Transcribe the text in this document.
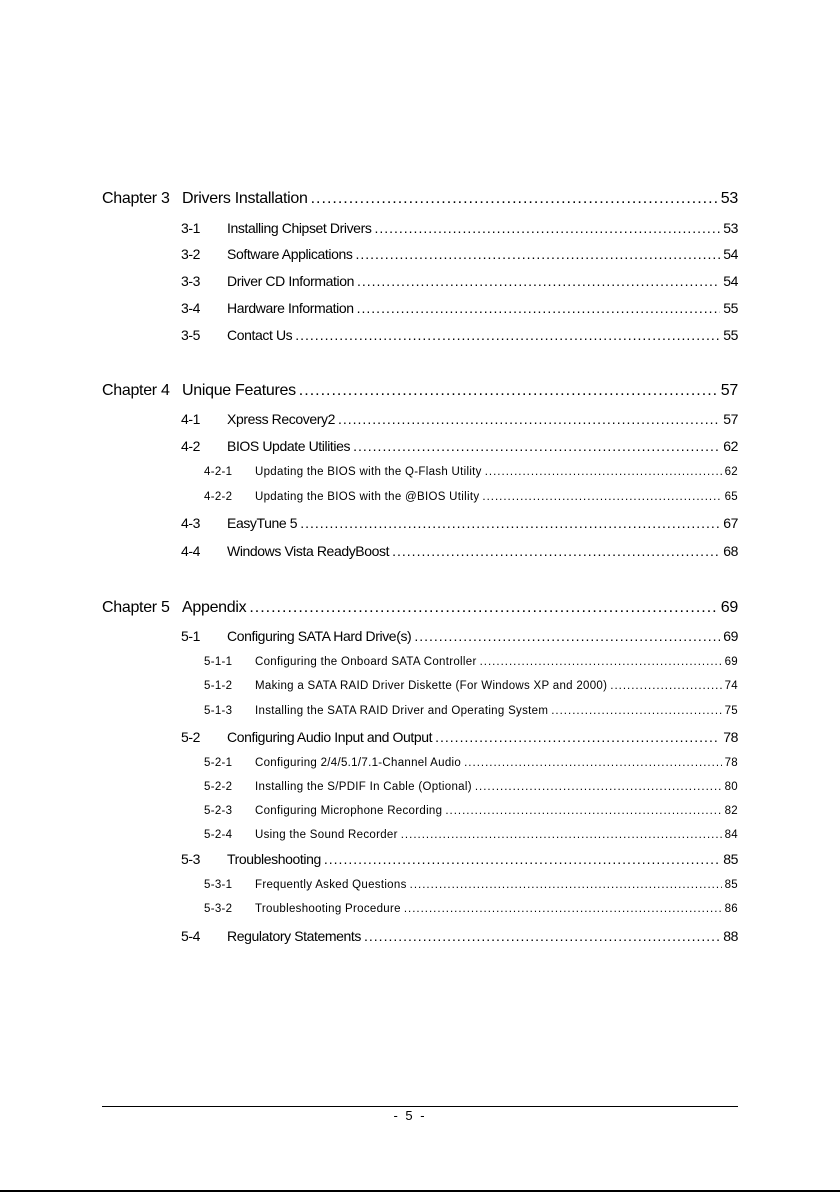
Chapter 3 Drivers Installation .....	53
3-1	Installing Chipset Drivers .....	53
3-2	Software Applications .....	54
3-3	Driver CD Information .....	54
3-4	Hardware Information .....	55
3-5	Contact Us .....	55
Chapter 4 Unique Features .....	57
4-1	Xpress Recovery2 .....	57
4-2	BIOS Update Utilities .....	62
4-2-1	Updating the BIOS with the Q-Flash Utility .....	62
4-2-2	Updating the BIOS with the @BIOS Utility .....	65
4-3	EasyTune 5 .....	67
4-4	Windows Vista ReadyBoost .....	68
Chapter 5 Appendix .....	69
5-1	Configuring SATA Hard Drive(s) .....	69
5-1-1	Configuring the Onboard SATA Controller .....	69
5-1-2	Making a SATA RAID Driver Diskette (For Windows XP and 2000) .....	74
5-1-3	Installing the SATA RAID Driver and Operating System .....	75
5-2	Configuring Audio Input and Output .....	78
5-2-1	Configuring 2/4/5.1/7.1-Channel Audio .....	78
5-2-2	Installing the S/PDIF In Cable (Optional) .....	80
5-2-3	Configuring Microphone Recording .....	82
5-2-4	Using the Sound Recorder .....	84
5-3	Troubleshooting .....	85
5-3-1	Frequently Asked Questions .....	85
5-3-2	Troubleshooting Procedure .....	86
5-4	Regulatory Statements .....	88
- 5 -
